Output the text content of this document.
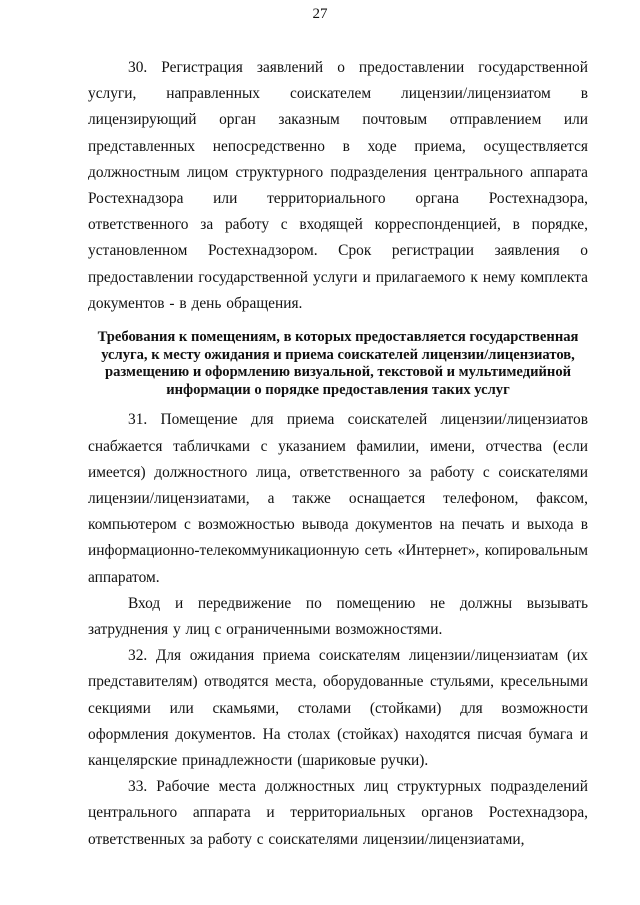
27

30. Регистрация заявлений о предоставлении государственной услуги, направленных соискателем лицензии/лицензиатом в лицензирующий орган заказным почтовым отправлением или представленных непосредственно в ходе приема, осуществляется должностным лицом структурного подразделения центрального аппарата Ростехнадзора или территориального органа Ростехнадзора, ответственного за работу с входящей корреспонденцией, в порядке, установленном Ростехнадзором. Срок регистрации заявления о предоставлении государственной услуги и прилагаемого к нему комплекта документов - в день обращения.

Требования к помещениям, в которых предоставляется государственная услуга, к месту ожидания и приема соискателей лицензии/лицензиатов, размещению и оформлению визуальной, текстовой и мультимедийной информации о порядке предоставления таких услуг

31. Помещение для приема соискателей лицензии/лицензиатов снабжается табличками с указанием фамилии, имени, отчества (если имеется) должностного лица, ответственного за работу с соискателями лицензии/лицензиатами, а также оснащается телефоном, факсом, компьютером с возможностью вывода документов на печать и выхода в информационно-телекоммуникационную сеть «Интернет», копировальным аппаратом.

Вход и передвижение по помещению не должны вызывать затруднения у лиц с ограниченными возможностями.

32. Для ожидания приема соискателям лицензии/лицензиатам (их представителям) отводятся места, оборудованные стульями, кресельными секциями или скамьями, столами (стойками) для возможности оформления документов. На столах (стойках) находятся писчая бумага и канцелярские принадлежности (шариковые ручки).

33. Рабочие места должностных лиц структурных подразделений центрального аппарата и территориальных органов Ростехнадзора, ответственных за работу с соискателями лицензии/лицензиатами,
